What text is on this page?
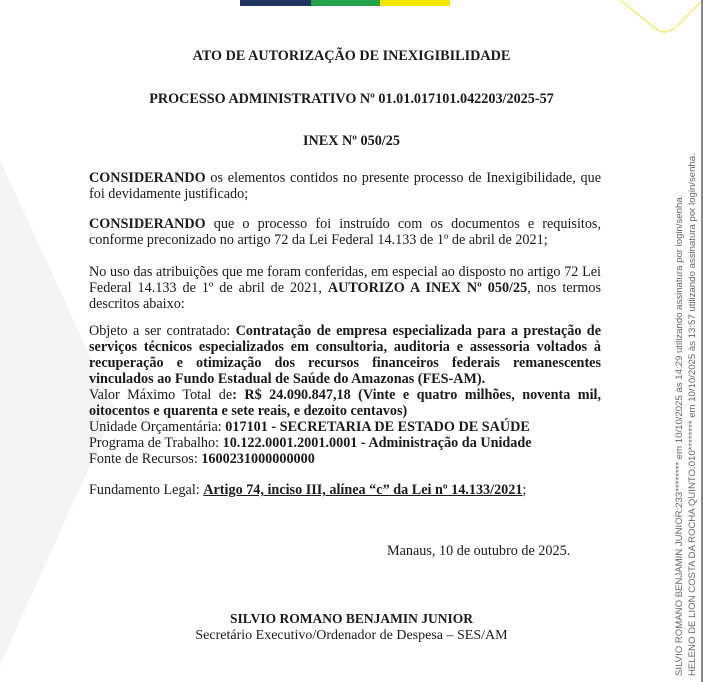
ATO DE AUTORIZAÇÃO DE INEXIGIBILIDADE
PROCESSO ADMINISTRATIVO Nº 01.01.017101.042203/2025-57
INEX Nº 050/25
CONSIDERANDO os elementos contidos no presente processo de Inexigibilidade, que foi devidamente justificado;
CONSIDERANDO que o processo foi instruído com os documentos e requisitos, conforme preconizado no artigo 72 da Lei Federal 14.133 de 1º de abril de 2021;
No uso das atribuições que me foram conferidas, em especial ao disposto no artigo 72 Lei Federal 14.133 de 1º de abril de 2021, AUTORIZO A INEX Nº 050/25, nos termos descritos abaixo:
Objeto a ser contratado: Contratação de empresa especializada para a prestação de serviços técnicos especializados em consultoria, auditoria e assessoria voltados à recuperação e otimização dos recursos financeiros federais remanescentes vinculados ao Fundo Estadual de Saúde do Amazonas (FES-AM).
Valor Máximo Total de: R$ 24.090.847,18 (Vinte e quatro milhões, noventa mil, oitocentos e quarenta e sete reais, e dezoito centavos)
Unidade Orçamentária: 017101 - SECRETARIA DE ESTADO DE SAÚDE
Programa de Trabalho: 10.122.0001.2001.0001 - Administração da Unidade
Fonte de Recursos: 1600231000000000
Fundamento Legal: Artigo 74, inciso III, alínea “c” da Lei nº 14.133/2021;
Manaus, 10 de outubro de 2025.
SILVIO ROMANO BENJAMIN JUNIOR
Secretário Executivo/Ordenador de Despesa – SES/AM	SILVIO ROMANO BENJAMIN JUNIOR:233******** em 10/10/2025 às 14:29 utilizando assinatura por login/senha. HELENO DE LION COSTA DA ROCHA QUINTO:010******** em 10/10/2025 às 13:57 utilizando assinatura por login/senha.
